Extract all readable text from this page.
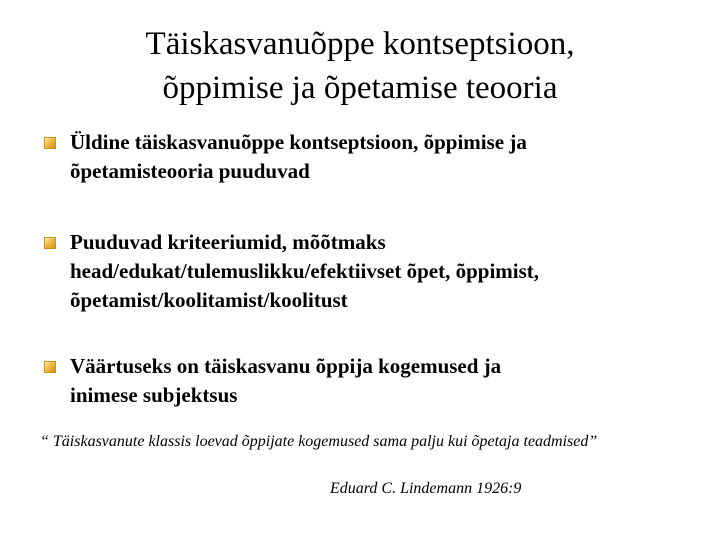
Täiskasvanuõppe kontseptsioon,
õppimise ja õpetamise teooria
Üldine täiskasvanuõppe kontseptsioon, õppimise ja
õpetamisteooria puuduvad
Puuduvad kriteeriumid, mõõtmaks
head/edukat/tulemuslikku/efektiivset õpet, õppimist,
õpetamist/koolitamist/koolitust
Väärtuseks on täiskasvanu õppija kogemused ja
inimese subjektsus
“ Täiskasvanute klassis loevad õppijate kogemused sama palju kui õpetaja teadmised”
Eduard C. Lindemann 1926:9
